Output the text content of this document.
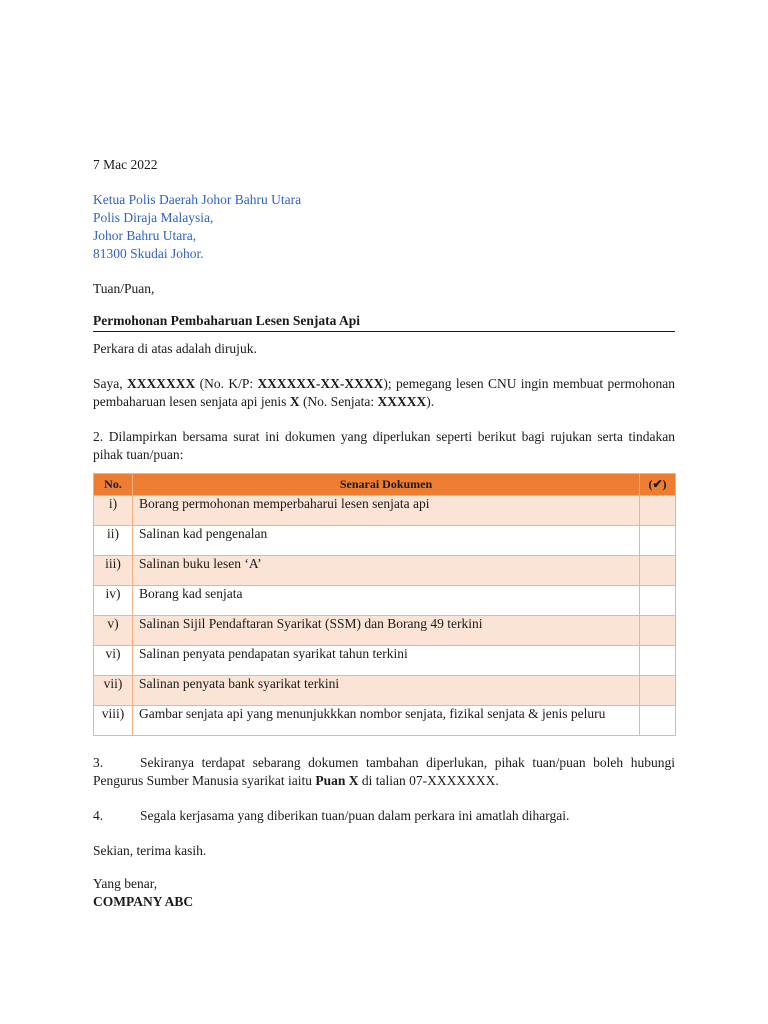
7 Mac 2022

Ketua Polis Daerah Johor Bahru Utara

Polis Diraja Malaysia,

Johor Bahru Utara,

81300 Skudai Johor.

Tuan/Puan,

Permohonan Pembaharuan Lesen Senjata Api

Perkara di atas adalah dirujuk.

Saya, XXXXXXX (No. K/P: XXXXXX-XX-XXXX); pemegang lesen CNU ingin membuat permohonan pembaharuan lesen senjata api jenis X (No. Senjata: XXXXX).

2. Dilampirkan bersama surat ini dokumen yang diperlukan seperti berikut bagi rujukan serta tindakan pihak tuan/puan:

No.	Senarai Dokumen	(✔)
i)	Borang permohonan memperbaharui lesen senjata api	
ii)	Salinan kad pengenalan	
iii)	Salinan buku lesen ‘A’	
iv)	Borang kad senjata	
v)	Salinan Sijil Pendaftaran Syarikat (SSM) dan Borang 49 terkini	
vi)	Salinan penyata pendapatan syarikat tahun terkini	
vii)	Salinan penyata bank syarikat terkini	
viii)	Gambar senjata api yang menunjukkkan nombor senjata, fizikal senjata & jenis peluru	

3.	Sekiranya terdapat sebarang dokumen tambahan diperlukan, pihak tuan/puan boleh hubungi Pengurus Sumber Manusia syarikat iaitu Puan X di talian 07-XXXXXXX.

4.	Segala kerjasama yang diberikan tuan/puan dalam perkara ini amatlah dihargai.

Sekian, terima kasih.

Yang benar,

COMPANY ABC
